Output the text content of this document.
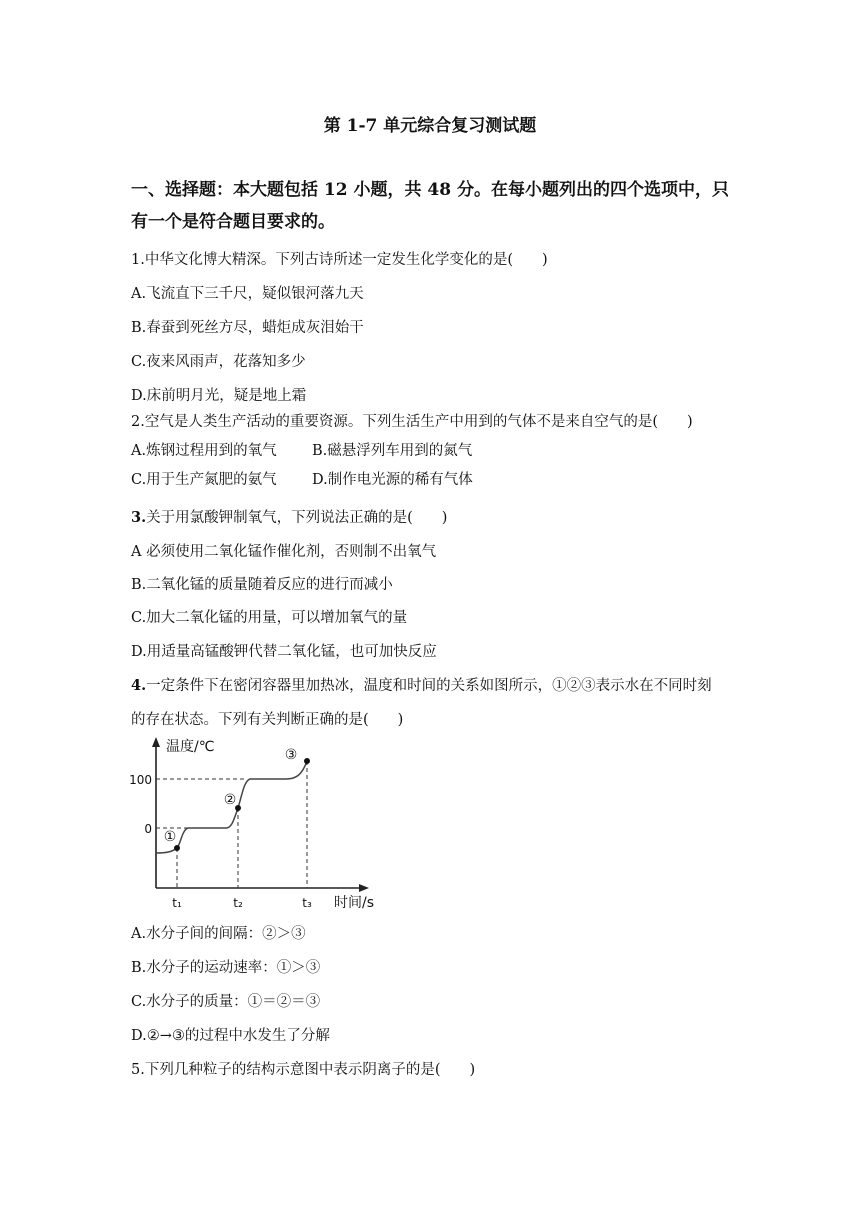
第 1-7 单元综合复习测试题
一、选择题：本大题包括 12 小题，共 48 分。在每小题列出的四个选项中，只
有一个是符合题目要求的。
1.中华文化博大精深。下列古诗所述一定发生化学变化的是(　　)
A.飞流直下三千尺，疑似银河落九天
B.春蚕到死丝方尽，蜡炬成灰泪始干
C.夜来风雨声，花落知多少
D.床前明月光，疑是地上霜
2.空气是人类生产活动的重要资源。下列生活生产中用到的气体不是来自空气的是(　　)
A.炼钢过程用到的氧气 B.磁悬浮列车用到的氮气
C.用于生产氮肥的氨气 D.制作电光源的稀有气体
3.关于用氯酸钾制氧气，下列说法正确的是(　　)
A 必须使用二氧化锰作催化剂，否则制不出氧气
B.二氧化锰的质量随着反应的进行而减小
C.加大二氧化锰的用量，可以增加氧气的量
D.用适量高锰酸钾代替二氧化锰，也可加快反应
4.一定条件下在密闭容器里加热冰，温度和时间的关系如图所示，①②③表示水在不同时刻
的存在状态。下列有关判断正确的是(　　)
温度/℃
100
0
t₁	t₂	t₃ 时间/s
①
②
③
A.水分子间的间隔：②＞③
B.水分子的运动速率：①＞③
C.水分子的质量：①＝②＝③
D.②→③的过程中水发生了分解
5.下列几种粒子的结构示意图中表示阴离子的是(　　)
